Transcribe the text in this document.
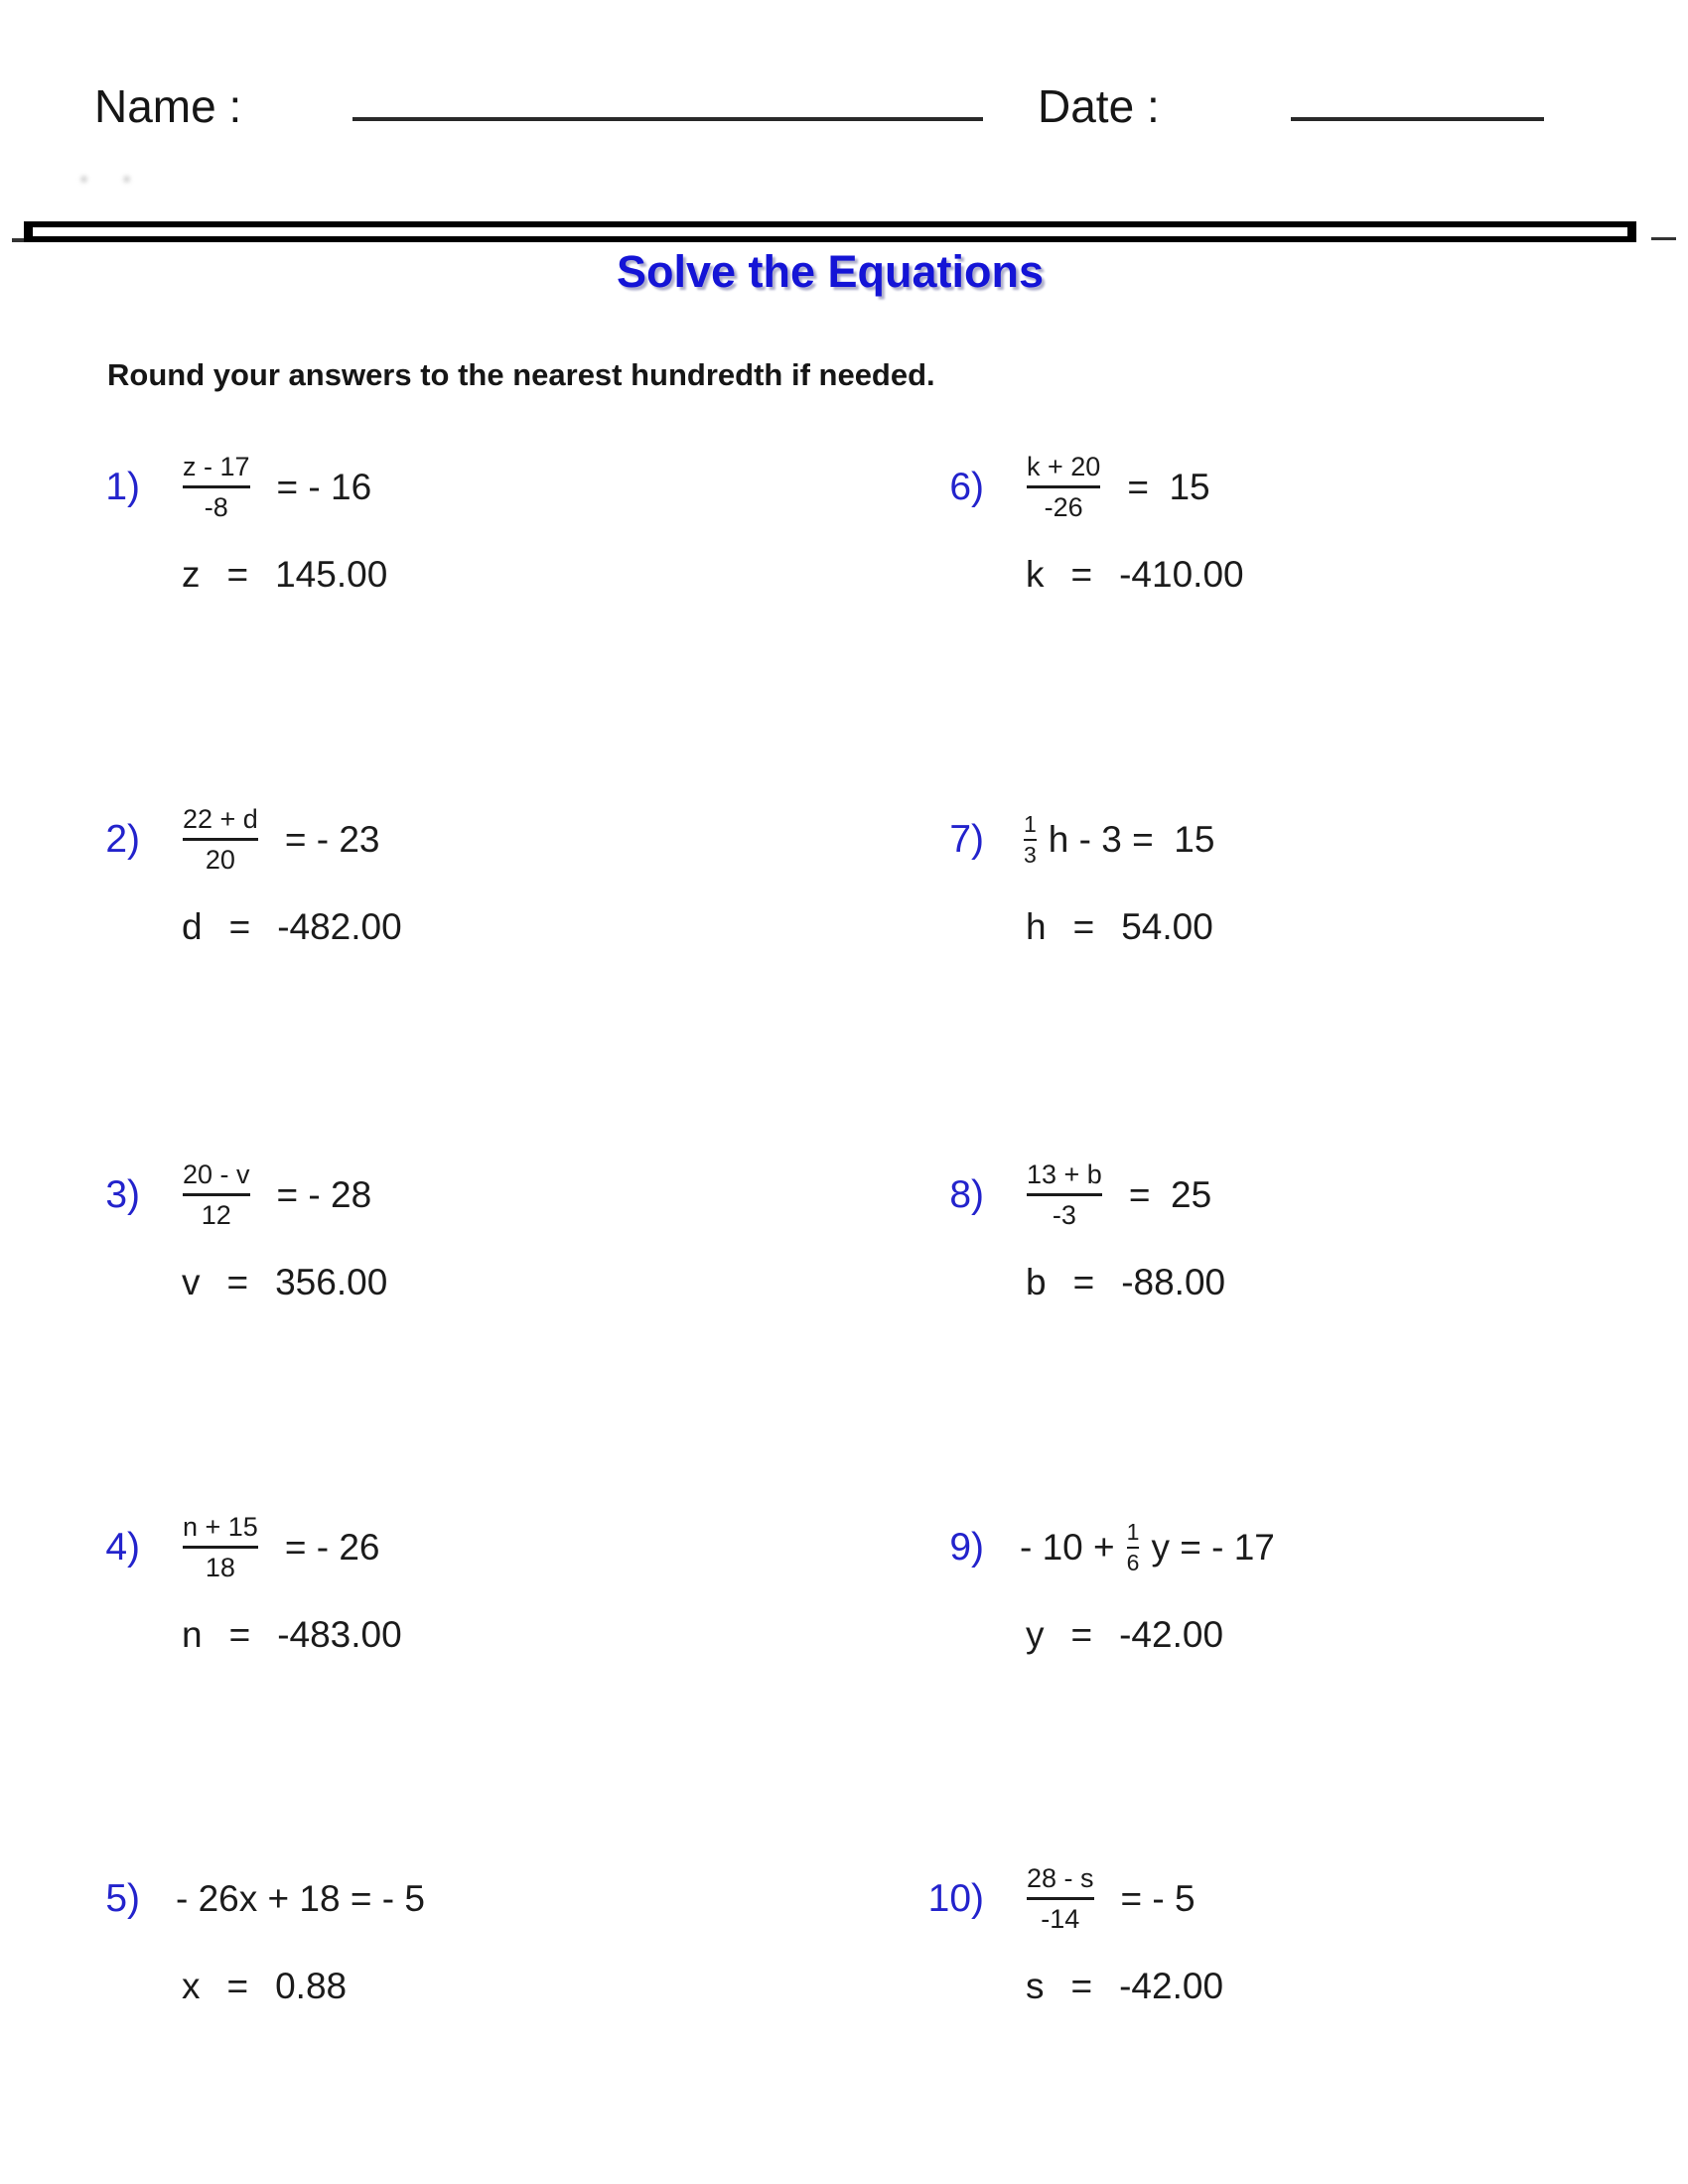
Name :	Date :
••
Solve the Equations
Round your answers to the nearest hundredth if needed.
$1) \frac{z - 17}{-8}$ = - 16
z = 145.00
$2) \frac{22 + d}{20}$ = - 23
d = -482.00
$3) \frac{20 - v}{12}$ = - 28
v = 356.00
$4) \frac{n + 15}{18}$ = - 26
n = -483.00
5) - 26x + 18 = - 5
x = 0.88
$6) \frac{k + 20}{-26} = 15$
k = -410.00
7) 1
3 h - 3 =  15
h = 54.00
$8) \frac{13 + b}{-3} = 25$
b = -88.00
9) - 10 + 1
6 y = - 17
y = -42.00
$10) \frac{28 - s}{-14}$ = - 5
s = -42.00
